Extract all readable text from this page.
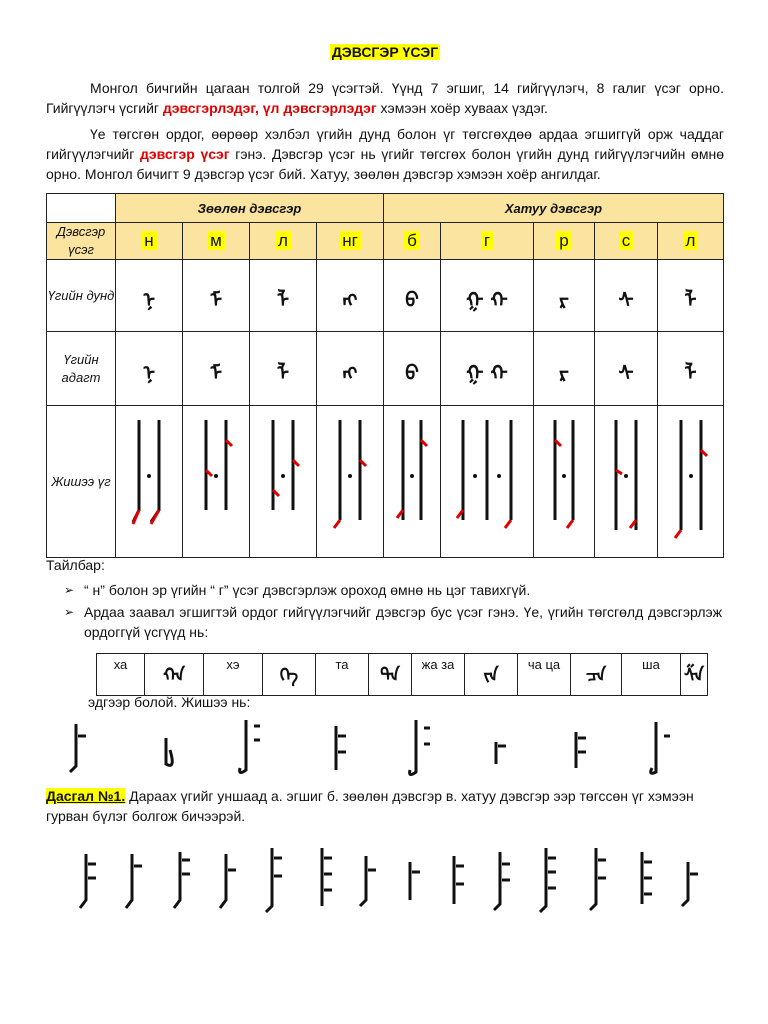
ДЭВСГЭР ҮСЭГ
Монгол бичгийн цагаан толгой 29 үсэгтэй. Үүнд 7 эгшиг, 14 гийгүүлэгч, 8 галиг үсэг орно. Гийгүүлэгч үсгийг дэвсгэрлэдэг, үл дэвсгэрлэдэг хэмээн хоёр хуваах үздэг.
Үе төгсгөн ордог, өөрөөр хэлбэл үгийн дунд болон үг төгсгөхдөө ардаа эгшиггүй орж чаддаг гийгүүлэгчийг дэвсгэр үсэг гэнэ. Дэвсгэр үсэг нь үгийг төгсгөх болон үгийн дунд гийгүүлэгчийн өмнө орно. Монгол бичигт 9 дэвсгэр үсэг бий. Хатуу, зөөлөн дэвсгэр хэмээн хоёр ангилдаг.
	Зөөлөн дэвсгэр				Хатуу дэвсгэр				
Дэвсгэр үсэг	н	м	л	нг	б	г	р	с	л
Үгийн дунд	ᠨ	ᠮ	ᠯ	ᠩ	ᠪ	ᠭ ᠬ	ᠷ	ᠰ	ᠯ
Үгийн адагт	ᠨ	ᠮ	ᠯ	ᠩ	ᠪ	ᠭ ᠬ	ᠷ	ᠰ	ᠯ
Жишээ үг									
Тайлбар:
➢ “ н” болон эр үгийн “ г” үсэг дэвсгэрлэж ороход өмнө нь цэг тавихгүй.
➢ Ардаа заавал эгшигтэй ордог гийгүүлэгчийг дэвсгэр бус үсэг гэнэ. Үе, үгийн төгсгөлд дэвсгэрлэж ордоггүй үсгүүд нь:
ха	ᠬᠠ	хэ	ᠬᠡ	та	ᠲᠠ	жа за	ᠵᠠ	ча ца	ᠴᠠ	ша	ᠱᠠ
эдгээр болой. Жишээ нь:
Дасгал №1. Дараах үгийг уншаад а. эгшиг б. зөөлөн дэвсгэр в. хатуу дэвсгэр ээр төгссөн үг хэмээн гурван бүлэг болгож бичээрэй.
